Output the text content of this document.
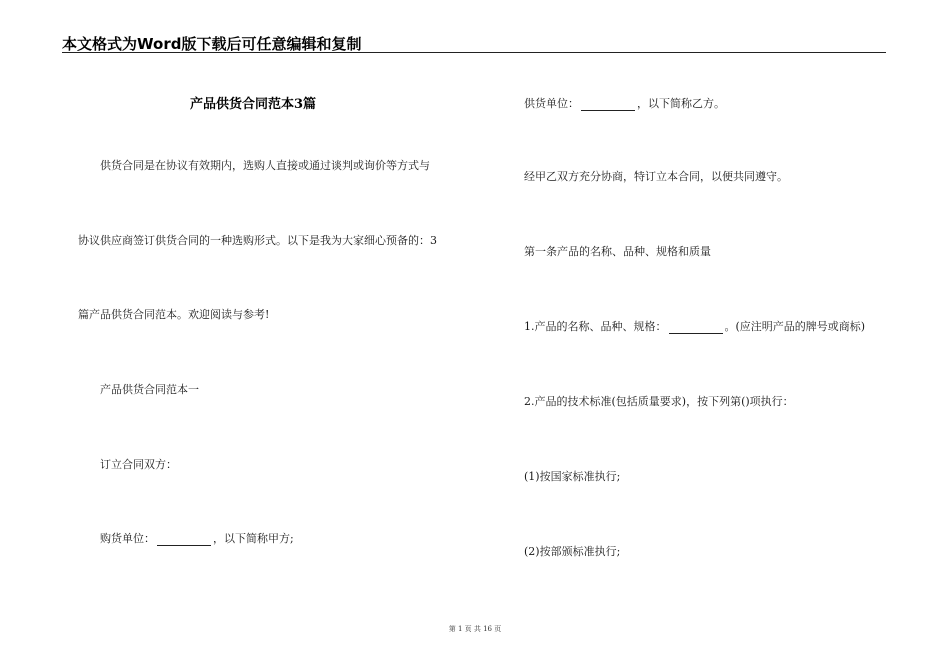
本文格式为Word版下载后可任意编辑和复制
产品供货合同范本3篇
供货合同是在协议有效期内，选购人直接或通过谈判或询价等方式与
协议供应商签订供货合同的一种选购形式。以下是我为大家细心预备的：3
篇产品供货合同范本。欢迎阅读与参考!
产品供货合同范本一
订立合同双方：
购货单位：	，以下简称甲方;
供货单位：	，以下简称乙方。
经甲乙双方充分协商，特订立本合同，以便共同遵守。
第一条产品的名称、品种、规格和质量
1.产品的名称、品种、规格：	。(应注明产品的牌号或商标)
2.产品的技术标准(包括质量要求)，按下列第()项执行：
(1)按国家标准执行;
(2)按部颁标准执行;
第 1 页 共 16 页
